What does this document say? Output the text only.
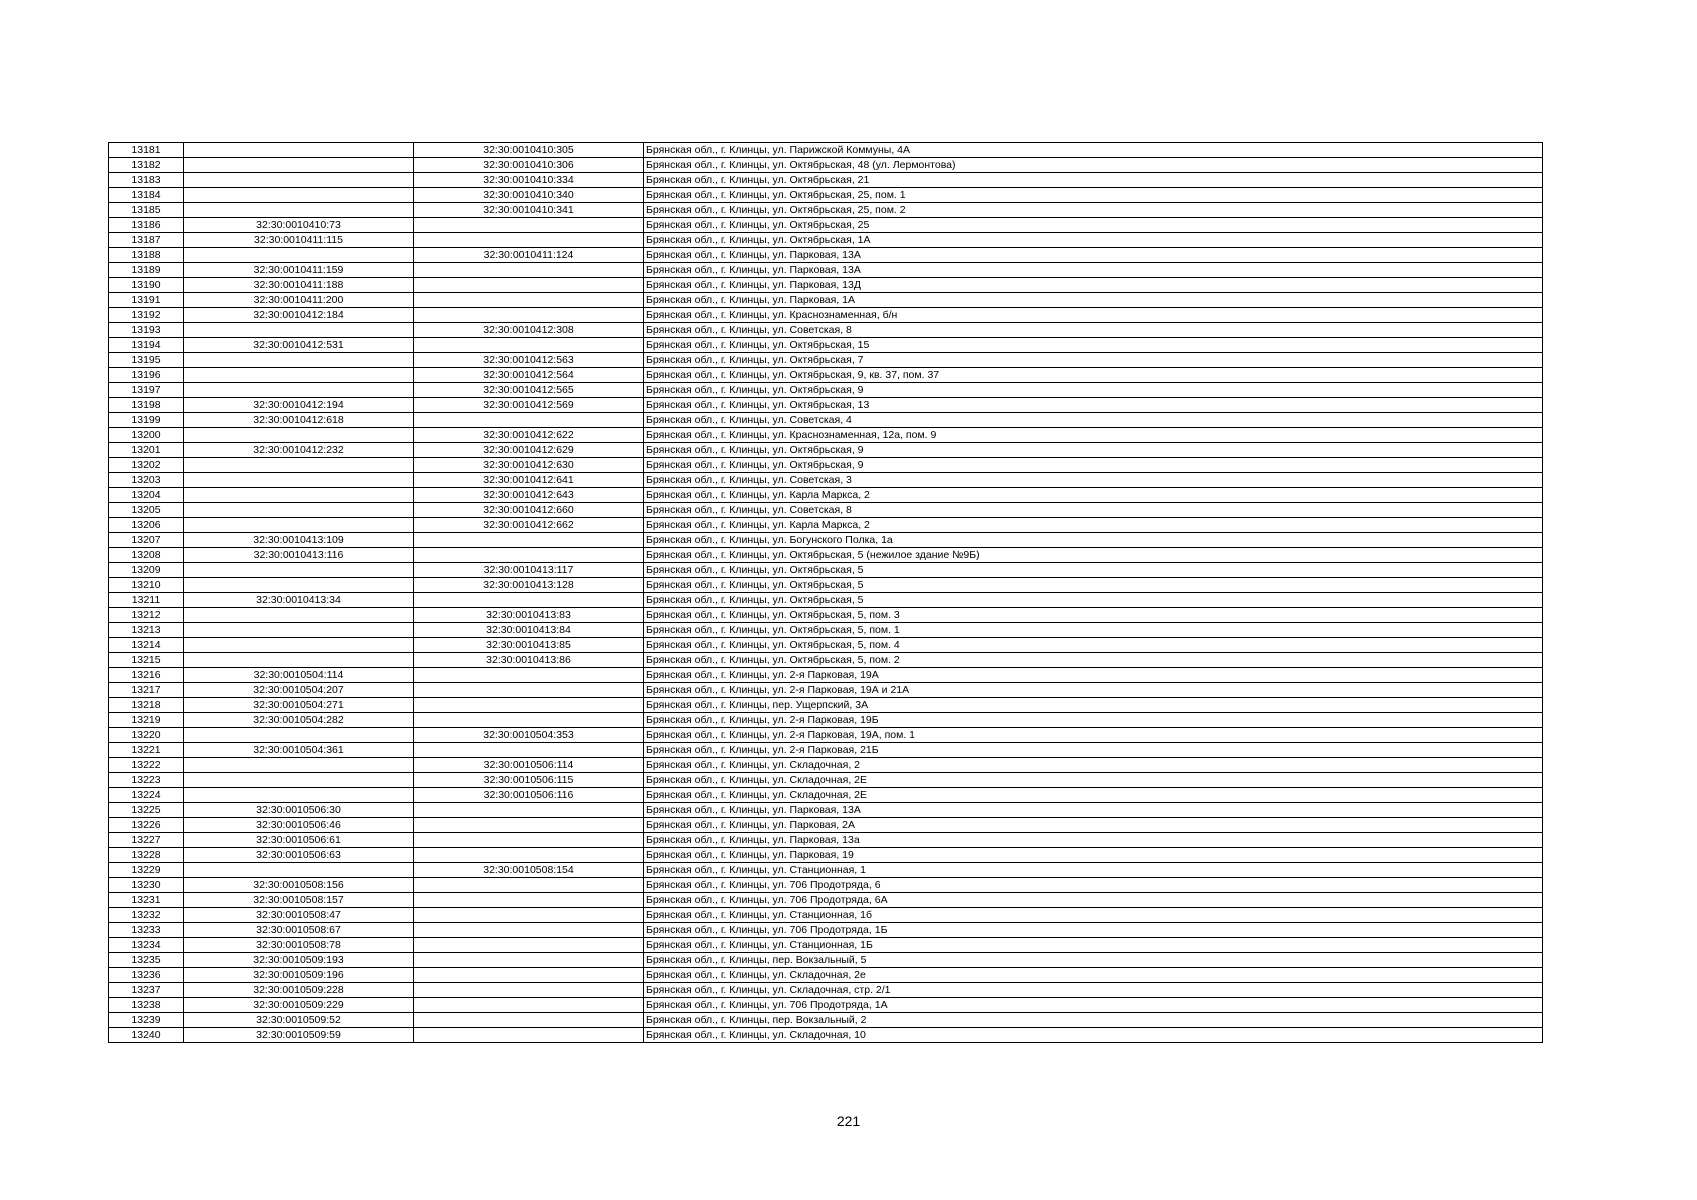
13181		32:30:0010410:305	Брянская обл., г. Клинцы, ул. Парижской Коммуны, 4А
13182		32:30:0010410:306	Брянская обл., г. Клинцы, ул. Октябрьская, 48 (ул. Лермонтова)
13183		32:30:0010410:334	Брянская обл., г. Клинцы, ул. Октябрьская, 21
13184		32:30:0010410:340	Брянская обл., г. Клинцы, ул. Октябрьская, 25, пом. 1
13185		32:30:0010410:341	Брянская обл., г. Клинцы, ул. Октябрьская, 25, пом. 2
13186	32:30:0010410:73		Брянская обл., г. Клинцы, ул. Октябрьская, 25
13187	32:30:0010411:115		Брянская обл., г. Клинцы, ул. Октябрьская, 1А
13188		32:30:0010411:124	Брянская обл., г. Клинцы, ул. Парковая, 13А
13189	32:30:0010411:159		Брянская обл., г. Клинцы, ул. Парковая, 13А
13190	32:30:0010411:188		Брянская обл., г. Клинцы, ул. Парковая, 13Д
13191	32:30:0010411:200		Брянская обл., г. Клинцы, ул. Парковая, 1А
13192	32:30:0010412:184		Брянская обл., г. Клинцы, ул. Краснознаменная, б/н
13193		32:30:0010412:308	Брянская обл., г. Клинцы, ул. Советская, 8
13194	32:30:0010412:531		Брянская обл., г. Клинцы, ул. Октябрьская, 15
13195		32:30:0010412:563	Брянская обл., г. Клинцы, ул. Октябрьская, 7
13196		32:30:0010412:564	Брянская обл., г. Клинцы, ул. Октябрьская, 9, кв. 37, пом. 37
13197		32:30:0010412:565	Брянская обл., г. Клинцы, ул. Октябрьская, 9
13198	32:30:0010412:194	32:30:0010412:569	Брянская обл., г. Клинцы, ул. Октябрьская, 13
13199	32:30:0010412:618		Брянская обл., г. Клинцы, ул. Советская, 4
13200		32:30:0010412:622	Брянская обл., г. Клинцы, ул. Краснознаменная, 12а, пом. 9
13201	32:30:0010412:232	32:30:0010412:629	Брянская обл., г. Клинцы, ул. Октябрьская, 9
13202		32:30:0010412:630	Брянская обл., г. Клинцы, ул. Октябрьская, 9
13203		32:30:0010412:641	Брянская обл., г. Клинцы, ул. Советская, 3
13204		32:30:0010412:643	Брянская обл., г. Клинцы, ул. Карла Маркса, 2
13205		32:30:0010412:660	Брянская обл., г. Клинцы, ул. Советская, 8
13206		32:30:0010412:662	Брянская обл., г. Клинцы, ул. Карла Маркса, 2
13207	32:30:0010413:109		Брянская обл., г. Клинцы, ул. Богунского Полка, 1а
13208	32:30:0010413:116		Брянская обл., г. Клинцы, ул. Октябрьская, 5 (нежилое здание №9Б)
13209		32:30:0010413:117	Брянская обл., г. Клинцы, ул. Октябрьская, 5
13210		32:30:0010413:128	Брянская обл., г. Клинцы, ул. Октябрьская, 5
13211	32:30:0010413:34		Брянская обл., г. Клинцы, ул. Октябрьская, 5
13212		32:30:0010413:83	Брянская обл., г. Клинцы, ул. Октябрьская, 5, пом. 3
13213		32:30:0010413:84	Брянская обл., г. Клинцы, ул. Октябрьская, 5, пом. 1
13214		32:30:0010413:85	Брянская обл., г. Клинцы, ул. Октябрьская, 5, пом. 4
13215		32:30:0010413:86	Брянская обл., г. Клинцы, ул. Октябрьская, 5, пом. 2
13216	32:30:0010504:114		Брянская обл., г. Клинцы, ул. 2-я Парковая, 19А
13217	32:30:0010504:207		Брянская обл., г. Клинцы, ул. 2-я Парковая, 19А и 21А
13218	32:30:0010504:271		Брянская обл., г. Клинцы, пер. Ущерпский, 3А
13219	32:30:0010504:282		Брянская обл., г. Клинцы, ул. 2-я Парковая, 19Б
13220		32:30:0010504:353	Брянская обл., г. Клинцы, ул. 2-я Парковая, 19А, пом. 1
13221	32:30:0010504:361		Брянская обл., г. Клинцы, ул. 2-я Парковая, 21Б
13222		32:30:0010506:114	Брянская обл., г. Клинцы, ул. Складочная, 2
13223		32:30:0010506:115	Брянская обл., г. Клинцы, ул. Складочная, 2Е
13224		32:30:0010506:116	Брянская обл., г. Клинцы, ул. Складочная, 2Е
13225	32:30:0010506:30		Брянская обл., г. Клинцы, ул. Парковая, 13А
13226	32:30:0010506:46		Брянская обл., г. Клинцы, ул. Парковая, 2А
13227	32:30:0010506:61		Брянская обл., г. Клинцы, ул. Парковая, 13а
13228	32:30:0010506:63		Брянская обл., г. Клинцы, ул. Парковая, 19
13229		32:30:0010508:154	Брянская обл., г. Клинцы, ул. Станционная, 1
13230	32:30:0010508:156		Брянская обл., г. Клинцы, ул. 706 Продотряда, 6
13231	32:30:0010508:157		Брянская обл., г. Клинцы, ул. 706 Продотряда, 6А
13232	32:30:0010508:47		Брянская обл., г. Клинцы, ул. Станционная, 1б
13233	32:30:0010508:67		Брянская обл., г. Клинцы, ул. 706 Продотряда, 1Б
13234	32:30:0010508:78		Брянская обл., г. Клинцы, ул. Станционная, 1Б
13235	32:30:0010509:193		Брянская обл., г. Клинцы, пер. Вокзальный, 5
13236	32:30:0010509:196		Брянская обл., г. Клинцы, ул. Складочная, 2е
13237	32:30:0010509:228		Брянская обл., г. Клинцы, ул. Складочная, стр. 2/1
13238	32:30:0010509:229		Брянская обл., г. Клинцы, ул. 706 Продотряда, 1А
13239	32:30:0010509:52		Брянская обл., г. Клинцы, пер. Вокзальный, 2
13240	32:30:0010509:59		Брянская обл., г. Клинцы, ул. Складочная, 10
221
